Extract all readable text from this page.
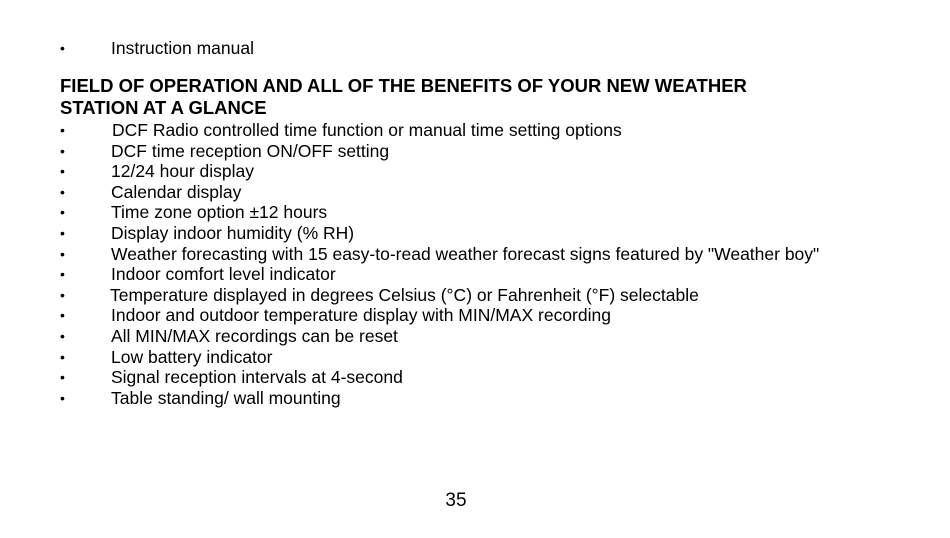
•	Instruction manual
FIELD OF OPERATION AND ALL OF THE BENEFITS OF YOUR NEW WEATHER
STATION AT A GLANCE
•	DCF Radio controlled time function or manual time setting options
•	DCF time reception ON/OFF setting
•	12/24 hour display
•	Calendar display
•	Time zone option ±12 hours
•	Display indoor humidity (% RH)
•	Weather forecasting with 15 easy-to-read weather forecast signs featured by "Weather boy"
•	Indoor comfort level indicator
•	Temperature displayed in degrees Celsius (°C) or Fahrenheit (°F) selectable
•	Indoor and outdoor temperature display with MIN/MAX recording
•	All MIN/MAX recordings can be reset
•	Low battery indicator
•	Signal reception intervals at 4-second
•	Table standing/ wall mounting
35
